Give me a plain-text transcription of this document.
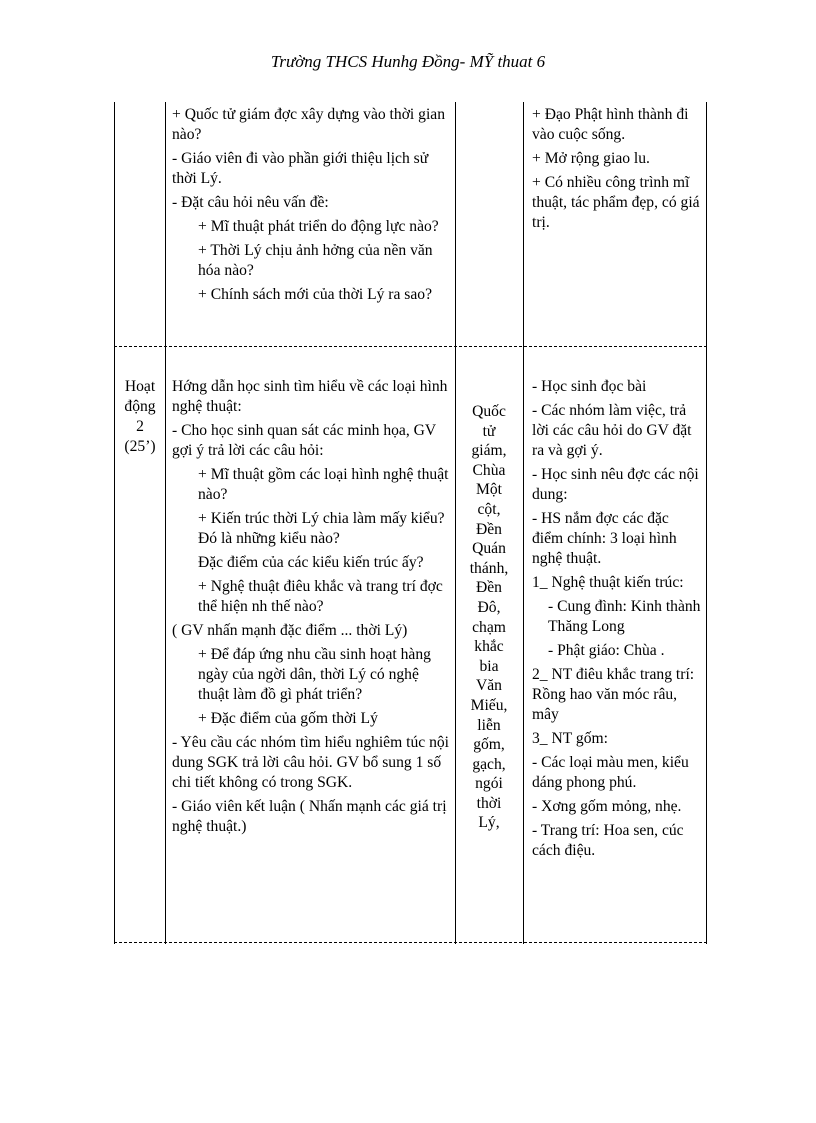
Trường THCS Hunhg Đồng- MỸ thuat 6

+ Quốc tử giám đợc xây dựng vào thời gian nào?

- Giáo viên đi vào phần giới thiệu lịch sử thời Lý.

- Đặt câu hỏi nêu vấn đề:

+ Mĩ thuật phát triển do động lực nào?

+ Thời Lý chịu ảnh hởng của nền văn hóa nào?

+ Chính sách mới của thời Lý ra sao?

+ Đạo Phật hình thành đi vào cuộc sống.

+ Mở rộng giao lu.

+ Có nhiều công trình mĩ thuật, tác phẩm đẹp, có giá trị.

Hoạt
động
2
(25’)

Hớng dẫn học sinh tìm hiểu về các loại hình nghệ thuật:

- Cho học sinh quan sát các minh họa, GV gợi ý trả lời các câu hỏi:

+ Mĩ thuật gồm các loại hình nghệ thuật nào?

+ Kiến trúc thời Lý chia làm mấy kiểu? Đó là những kiểu nào?

Đặc điểm của các kiểu kiến trúc ấy?

+ Nghệ thuật điêu khắc và trang trí đợc thể hiện nh thế nào?

( GV nhấn mạnh đặc điểm ... thời Lý)

+ Để đáp ứng nhu cầu sinh hoạt hàng ngày của ngời dân, thời Lý có nghệ thuật làm đồ gì phát triển?

+ Đặc điểm của gốm thời Lý

- Yêu cầu các nhóm tìm hiểu nghiêm túc nội dung SGK trả lời câu hỏi. GV bổ sung 1 số chi tiết không có trong SGK.

- Giáo viên kết luận ( Nhấn mạnh các giá trị nghệ thuật.)

Quốc
tử
giám,
Chùa
Một
cột,
Đền
Quán
thánh,
Đền
Đô,
chạm
khắc
bia
Văn
Miếu,
liễn
gốm,
gạch,
ngói
thời
Lý,

- Học sinh đọc bài

- Các nhóm làm việc, trả lời các câu hỏi do GV đặt ra và gợi ý.

- Học sinh nêu đợc các nội dung:

- HS nắm đợc các đặc điểm chính: 3 loại hình nghệ thuật.

1_ Nghệ thuật kiến trúc:

- Cung đình: Kinh thành Thăng Long

- Phật giáo: Chùa .

2_ NT điêu khắc trang trí: Rồng hao văn móc râu, mây

3_ NT gốm:

- Các loại màu men, kiểu dáng phong phú.

- Xơng gốm mỏng, nhẹ.

- Trang trí: Hoa sen, cúc cách điệu.
